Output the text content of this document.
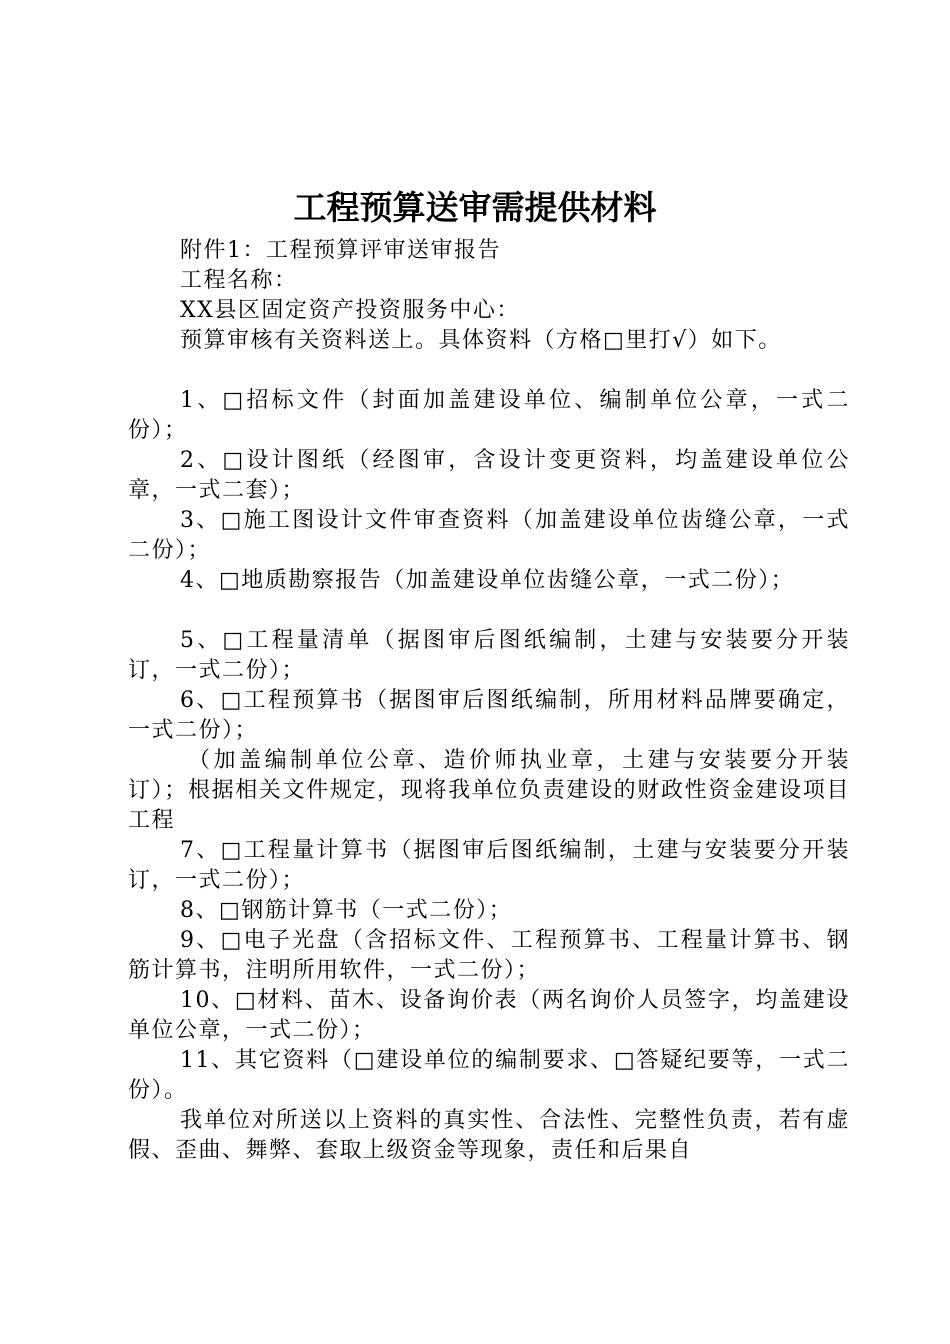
工程预算送审需提供材料

附件1：工程预算评审送审报告

工程名称：

XX县区固定资产投资服务中心：

预算审核有关资料送上。具体资料（方格□里打√）如下。

1、□招标文件（封面加盖建设单位、编制单位公章，一式二份）；

2、□设计图纸（经图审，含设计变更资料，均盖建设单位公章，一式二套）；

3、□施工图设计文件审查资料（加盖建设单位齿缝公章，一式二份）；

4、□地质勘察报告（加盖建设单位齿缝公章，一式二份）；

5、□工程量清单（据图审后图纸编制，土建与安装要分开装订，一式二份）；

6、□工程预算书（据图审后图纸编制，所用材料品牌要确定，一式二份）；

（加盖编制单位公章、造价师执业章，土建与安装要分开装订）；根据相关文件规定，现将我单位负责建设的财政性资金建设项目工程

7、□工程量计算书（据图审后图纸编制，土建与安装要分开装订，一式二份）；

8、□钢筋计算书（一式二份）；

9、□电子光盘（含招标文件、工程预算书、工程量计算书、钢筋计算书，注明所用软件，一式二份）；

10、□材料、苗木、设备询价表（两名询价人员签字，均盖建设单位公章，一式二份）；

11、其它资料（□建设单位的编制要求、□答疑纪要等，一式二份）。

我单位对所送以上资料的真实性、合法性、完整性负责，若有虚假、歪曲、舞弊、套取上级资金等现象，责任和后果自
